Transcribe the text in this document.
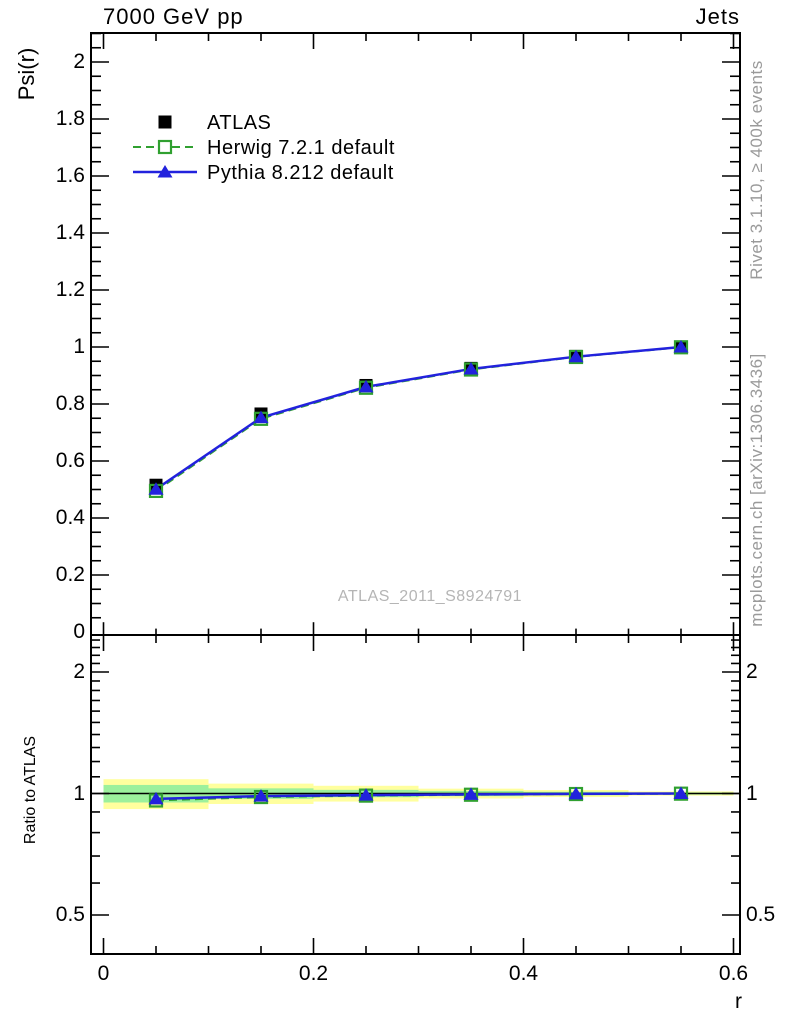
ATLAS
Herwig 7.2.1 default
Pythia 8.212 default
7000 GeV pp	Jets
Psi(r)
Ratio to ATLAS
r
Rivet 3.1.10, ≥ 400k events
mcplots.cern.ch [arXiv:1306.3436]
ATLAS_2011_S8924791
0
0.2
0.4
0.6
0.8
1
1.2
1.4
1.6
1.8
2
0	0.2	0.4	0.6
0.5	0.5
1	1
2	2
